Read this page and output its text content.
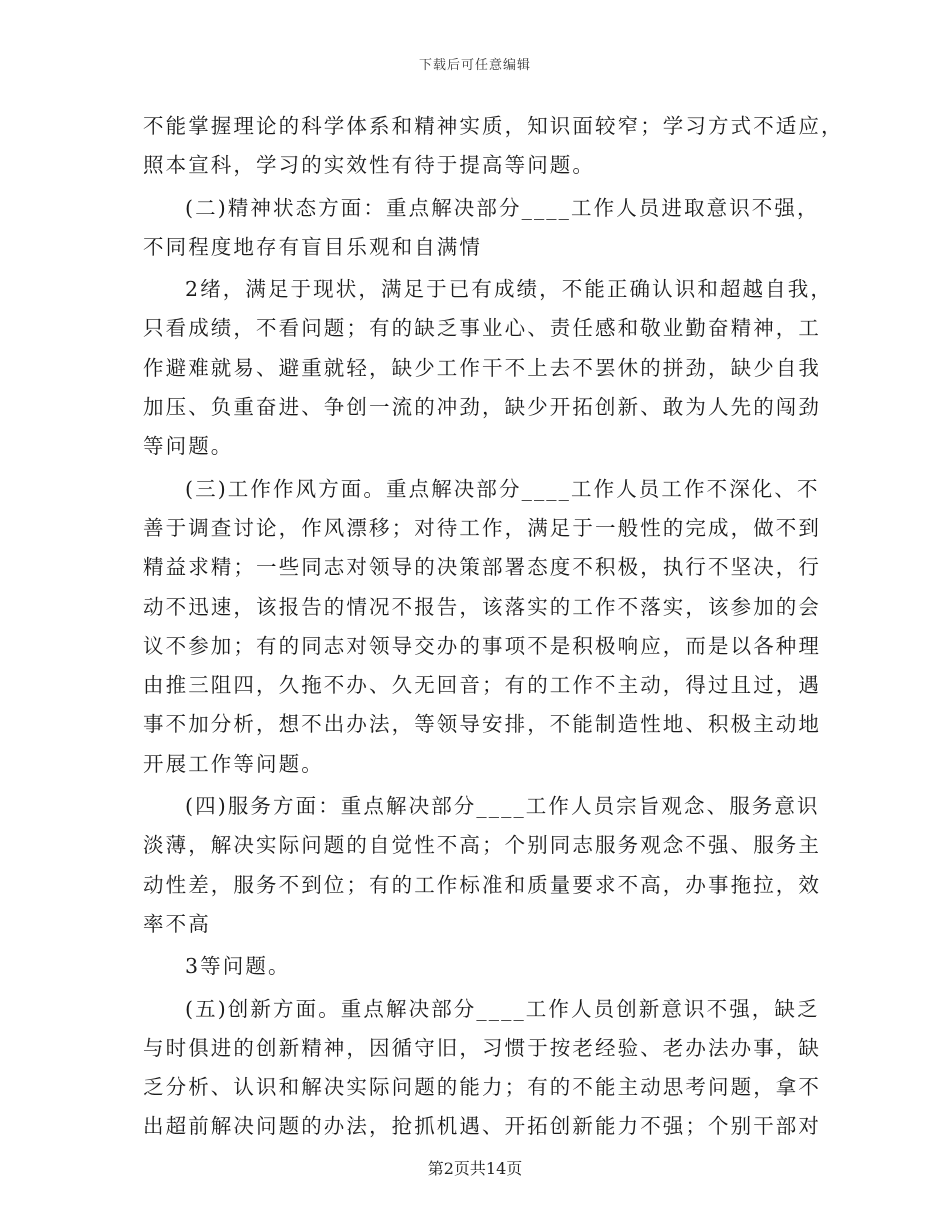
下载后可任意编辑
不能掌握理论的科学体系和精神实质，知识面较窄；学习方式不适应，
照本宣科，学习的实效性有待于提高等问题。
(二)精神状态方面：重点解决部分____工作人员进取意识不强，
不同程度地存有盲目乐观和自满情
2绪，满足于现状，满足于已有成绩，不能正确认识和超越自我，
只看成绩，不看问题；有的缺乏事业心、责任感和敬业勤奋精神，工
作避难就易、避重就轻，缺少工作干不上去不罢休的拼劲，缺少自我
加压、负重奋进、争创一流的冲劲，缺少开拓创新、敢为人先的闯劲
等问题。
(三)工作作风方面。重点解决部分____工作人员工作不深化、不
善于调查讨论，作风漂移；对待工作，满足于一般性的完成，做不到
精益求精；一些同志对领导的决策部署态度不积极，执行不坚决，行
动不迅速，该报告的情况不报告，该落实的工作不落实，该参加的会
议不参加；有的同志对领导交办的事项不是积极响应，而是以各种理
由推三阻四，久拖不办、久无回音；有的工作不主动，得过且过，遇
事不加分析，想不出办法，等领导安排，不能制造性地、积极主动地
开展工作等问题。
(四)服务方面：重点解决部分____工作人员宗旨观念、服务意识
淡薄，解决实际问题的自觉性不高；个别同志服务观念不强、服务主
动性差，服务不到位；有的工作标准和质量要求不高，办事拖拉，效
率不高
3等问题。
(五)创新方面。重点解决部分____工作人员创新意识不强，缺乏
与时俱进的创新精神，因循守旧，习惯于按老经验、老办法办事，缺
乏分析、认识和解决实际问题的能力；有的不能主动思考问题，拿不
出超前解决问题的办法，抢抓机遇、开拓创新能力不强；个别干部对
第2页共14页
